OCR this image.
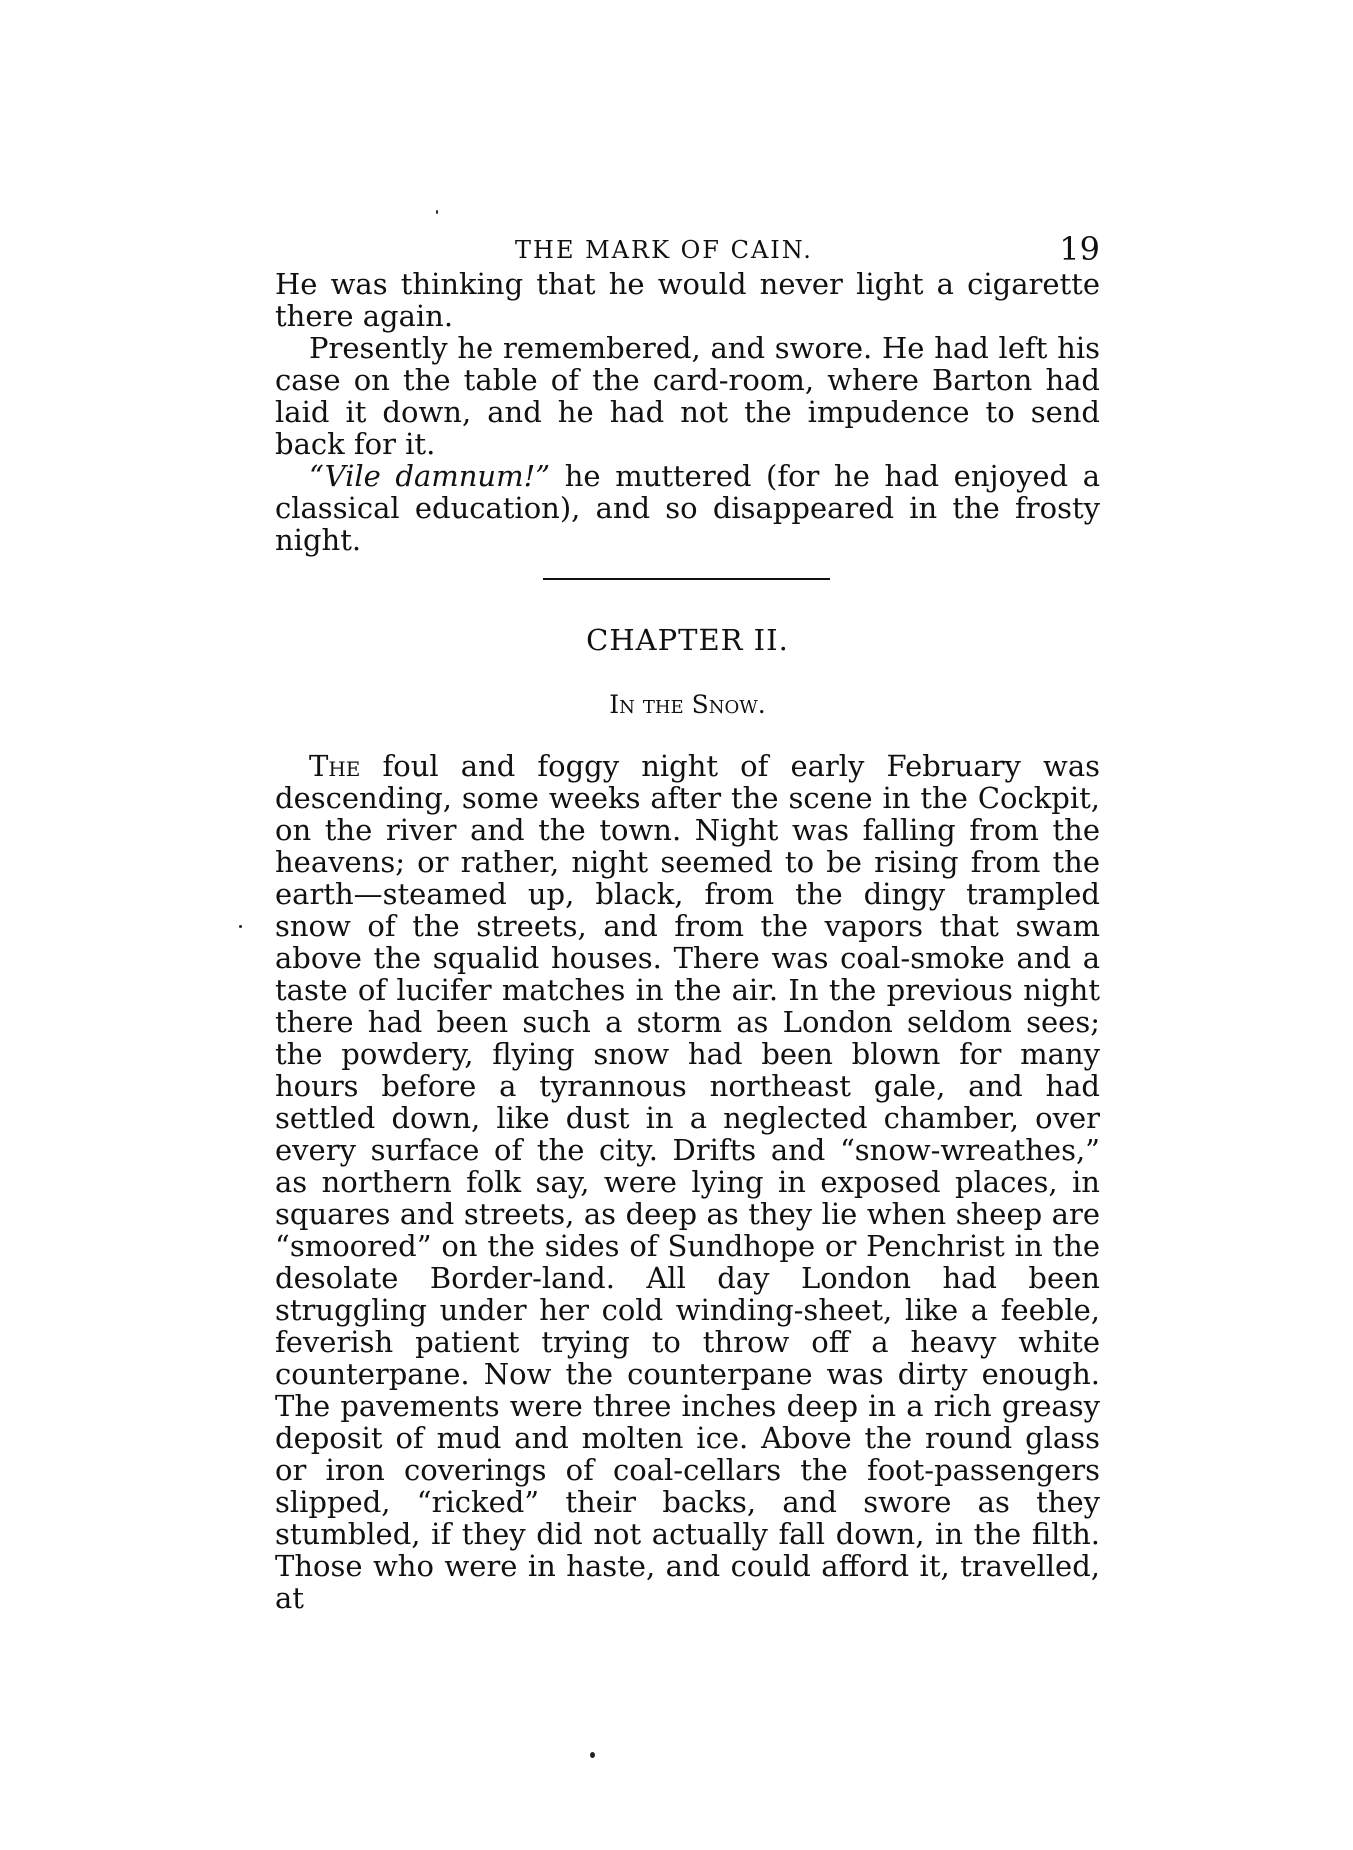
THE MARK OF CAIN.	19

He was thinking that he would never light a cigarette there again.

Presently he remembered, and swore. He had left his case on the table of the card-room, where Barton had laid it down, and he had not the impudence to send back for it.

“Vile damnum!” he muttered (for he had enjoyed a classical education), and so disappeared in the frosty night.

CHAPTER II.
In the Snow.

The foul and foggy night of early February was descending, some weeks after the scene in the Cockpit, on the river and the town. Night was falling from the heavens; or rather, night seemed to be rising from the earth—steamed up, black, from the dingy trampled snow of the streets, and from the vapors that swam above the squalid houses. There was coal-smoke and a taste of lucifer matches in the air. In the previous night there had been such a storm as London seldom sees; the powdery, flying snow had been blown for many hours before a tyrannous northeast gale, and had settled down, like dust in a neglected chamber, over every surface of the city. Drifts and “snow-wreathes,” as northern folk say, were lying in exposed places, in squares and streets, as deep as they lie when sheep are “smoored” on the sides of Sundhope or Penchrist in the desolate Border-land. All day London had been struggling under her cold winding-sheet, like a feeble, feverish patient trying to throw off a heavy white counterpane. Now the counterpane was dirty enough. The pavements were three inches deep in a rich greasy deposit of mud and molten ice. Above the round glass or iron coverings of coal-cellars the foot-passengers slipped, “ricked” their backs, and swore as they stumbled, if they did not actually fall down, in the filth. Those who were in haste, and could afford it, travelled, at
